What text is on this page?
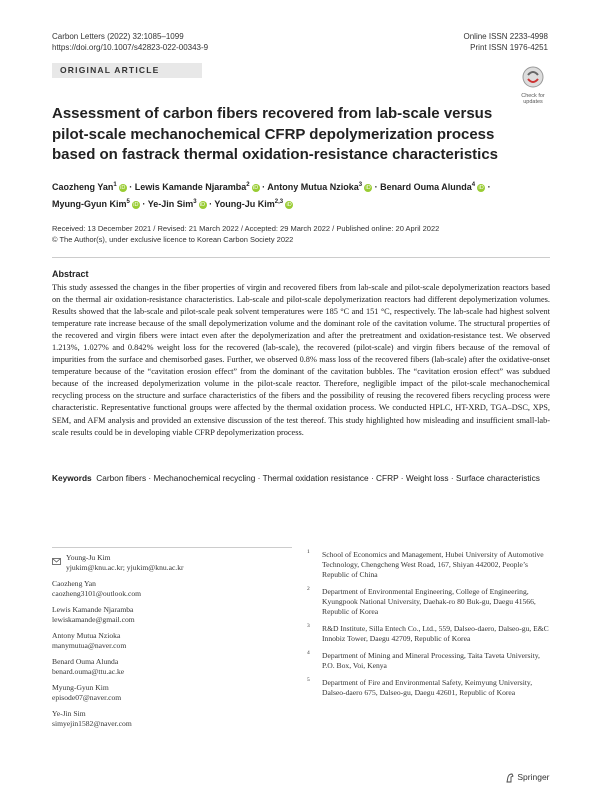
Carbon Letters (2022) 32:1085–1099
https://doi.org/10.1007/s42823-022-00343-9
Online ISSN 2233-4998
Print ISSN 1976-4251
ORIGINAL ARTICLE
Check for
updates
Assessment of carbon fibers recovered from lab-scale versus pilot-scale mechanochemical CFRP depolymerization process based on fastrack thermal oxidation-resistance characteristics
Caozheng Yan$^1$ iD · Lewis Kamande Njaramba$^2$ iD · Antony Mutua Nzioka$^3$ iD · Benard Ouma Alunda$^4$ iD ·
Myung-Gyun Kim$^5$ iD · Ye-Jin Sim$^3$ iD · Young-Ju Kim$^{2,3}$ iD
Received: 13 December 2021 / Revised: 21 March 2022 / Accepted: 29 March 2022 / Published online: 20 April 2022
© The Author(s), under exclusive licence to Korean Carbon Society 2022
Abstract
This study assessed the changes in the fiber properties of virgin and recovered fibers from lab-scale and pilot-scale depolymerization reactors based on the thermal air oxidation-resistance characteristics. Lab-scale and pilot-scale depolymerization reactors had different depolymerization volumes. Results showed that the lab-scale and pilot-scale peak solvent temperatures were 185 °C and 151 °C, respectively. The lab-scale had highest solvent temperature rate increase because of the small depolymerization volume and the dominant role of the cavitation volume. The structural properties of the recovered and virgin fibers were intact even after the depolymerization and after the pretreatment and oxidation-resistance test. We observed 1.213%, 1.027% and 0.842% weight loss for the recovered (lab-scale), the recovered (pilot-scale) and virgin fibers because of the removal of impurities from the surface and chemisorbed gases. Further, we observed 0.8% mass loss of the recovered fibers (lab-scale) after the oxidative-onset temperature because of the “cavitation erosion effect” from the dominant of the cavitation bubbles. The “cavitation erosion effect” was subdued because of the increased depolymerization volume in the pilot-scale reactor. Therefore, negligible impact of the pilot-scale mechanochemical recycling process on the structure and surface characteristics of the fibers and the possibility of reusing the recovered fibers recycling process were characteristic. Representative functional groups were affected by the thermal oxidation process. We conducted HPLC, HT-XRD, TGA–DSC, XPS, SEM, and AFM analysis and provided an extensive discussion of the test thereof. This study highlighted how misleading and insufficient small-lab-scale results could be in developing viable CFRP depolymerization process.
Keywords Carbon fibers · Mechanochemical recycling · Thermal oxidation resistance · CFRP · Weight loss · Surface characteristics
Young-Ju Kim
yjukim@knu.ac.kr; yjukim@knu.ac.kr
Caozheng Yan
caozheng3101@outlook.com
Lewis Kamande Njaramba
lewiskamande@gmail.com
Antony Mutua Nzioka
manymutua@naver.com
Benard Ouma Alunda
benard.ouma@ttu.ac.ke
Myung-Gyun Kim
episode07@naver.com
Ye-Jin Sim
simyejin1582@naver.com
1 School of Economics and Management, Hubei University of Automotive Technology, Chengcheng West Road, 167, Shiyan 442002, People’s Republic of China
2 Department of Environmental Engineering, College of Engineering, Kyungpook National University, Daehak-ro 80 Buk-gu, Daegu 41566, Republic of Korea
3 R&D Institute, Silla Entech Co., Ltd., 559, Dalseo-daero, Dalseo-gu, E&C Innobiz Tower, Daegu 42709, Republic of Korea
4 Department of Mining and Mineral Processing, Taita Taveta University, P.O. Box, Voi, Kenya
5 Department of Fire and Environmental Safety, Keimyung University, Dalseo-daero 675, Dalseo-gu, Daegu 42601, Republic of Korea
Springer
